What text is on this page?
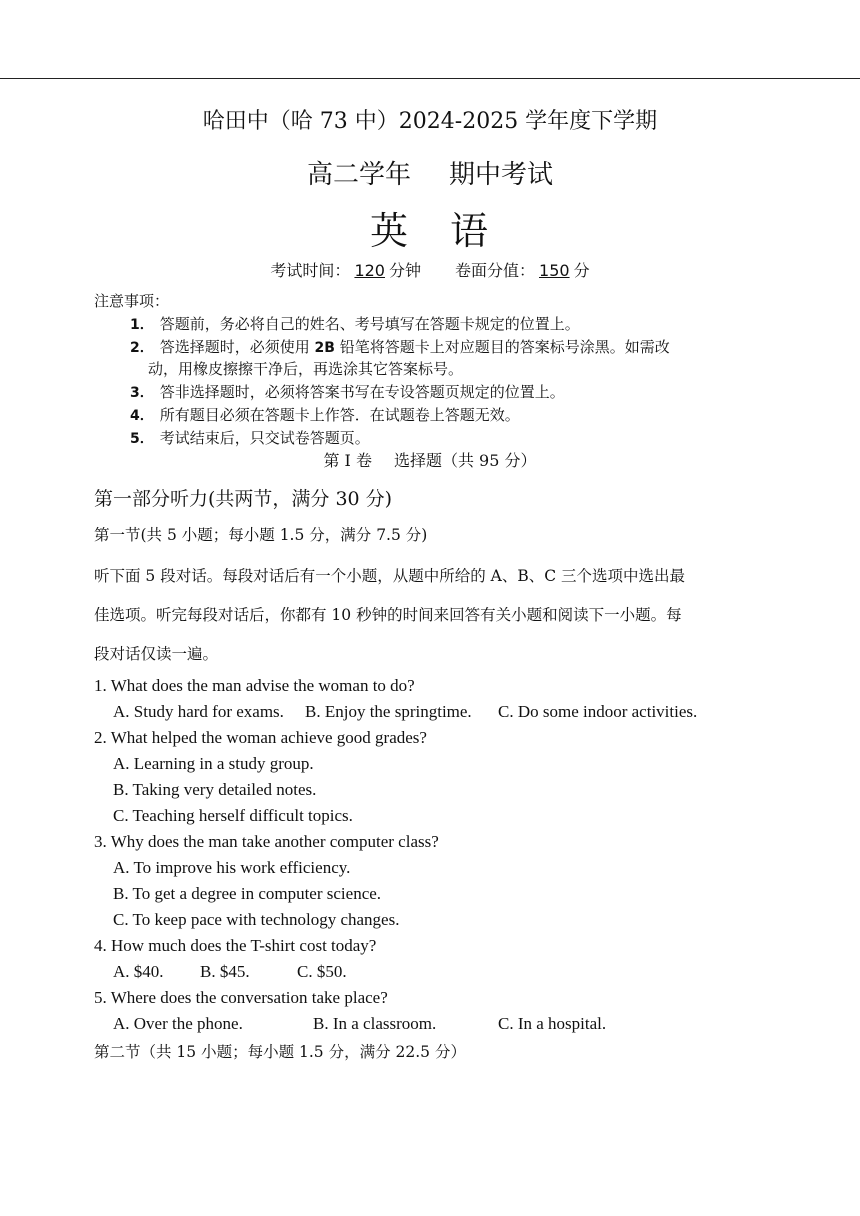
哈田中（哈 73 中）2024-2025 学年度下学期
高二学年 期中考试
英 语
考试时间： 120 分钟 卷面分值： 150 分
注意事项：
1． 答题前，务必将自己的姓名、考号填写在答题卡规定的位置上。
2． 答选择题时，必须使用 2B 铅笔将答题卡上对应题目的答案标号涂黑。如需改
动，用橡皮擦擦干净后，再选涂其它答案标号。
3． 答非选择题时，必须将答案书写在专设答题页规定的位置上。
4． 所有题目必须在答题卡上作答．在试题卷上答题无效。
5． 考试结束后，只交试卷答题页。
第 I 卷 选择题（共 95 分）
第一部分听力(共两节，满分 30 分)
第一节(共 5 小题；每小题 1.5 分，满分 7.5 分)
听下面 5 段对话。每段对话后有一个小题，从题中所给的 A、B、C 三个选项中选出最
佳选项。听完每段对话后，你都有 10 秒钟的时间来回答有关小题和阅读下一小题。每
段对话仅读一遍。
1. What does the man advise the woman to do?
A. Study hard for exams. B. Enjoy the springtime. C. Do some indoor activities.
2. What helped the woman achieve good grades?
A. Learning in a study group.
B. Taking very detailed notes.
C. Teaching herself difficult topics.
3. Why does the man take another computer class?
A. To improve his work efficiency.
B. To get a degree in computer science.
C. To keep pace with technology changes.
4. How much does the T-shirt cost today?
A. $40. B. $45.	C. $50.
5. Where does the conversation take place?
A. Over the phone.	B. In a classroom.	C. In a hospital.
第二节（共 15 小题；每小题 1.5 分，满分 22.5 分）
